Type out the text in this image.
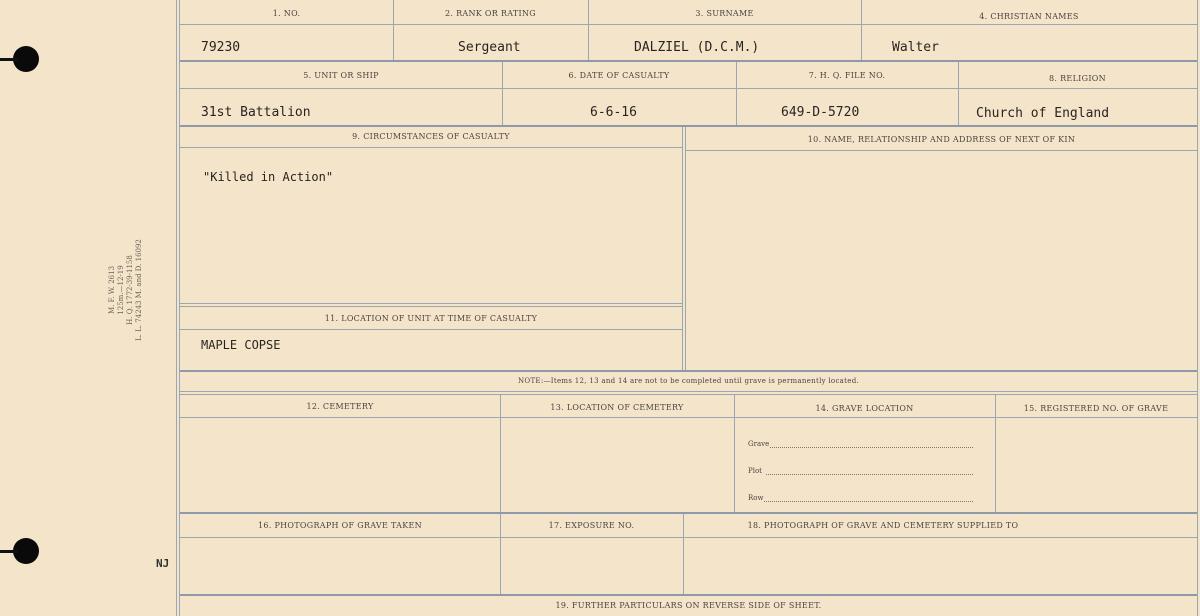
M. F. W. 2613 125m.—12-19 H. Q. 1772-39-1158 L. L. 74243 M. and D. 16092
NJ
1. NO.	2. RANK OR RATING	3. SURNAME	4. CHRISTIAN NAMES
79230	Sergeant	DALZIEL (D.C.M.)	Walter
5. UNIT OR SHIP	6. DATE OF CASUALTY	7. H. Q. FILE NO.	8. RELIGION
31st Battalion	6-6-16	649-D-5720	Church of England
9. CIRCUMSTANCES OF CASUALTY	10. NAME, RELATIONSHIP AND ADDRESS OF NEXT OF KIN
"Killed in Action"
11. LOCATION OF UNIT AT TIME OF CASUALTY
MAPLE COPSE
NOTE:—Items 12, 13 and 14 are not to be completed until grave is permanently located.
12. CEMETERY	13. LOCATION OF CEMETERY	14. GRAVE LOCATION	15. REGISTERED NO. OF GRAVE
Grave
Plot
Row
16. PHOTOGRAPH OF GRAVE TAKEN	17. EXPOSURE NO.	18. PHOTOGRAPH OF GRAVE AND CEMETERY SUPPLIED TO
19. FURTHER PARTICULARS ON REVERSE SIDE OF SHEET.
